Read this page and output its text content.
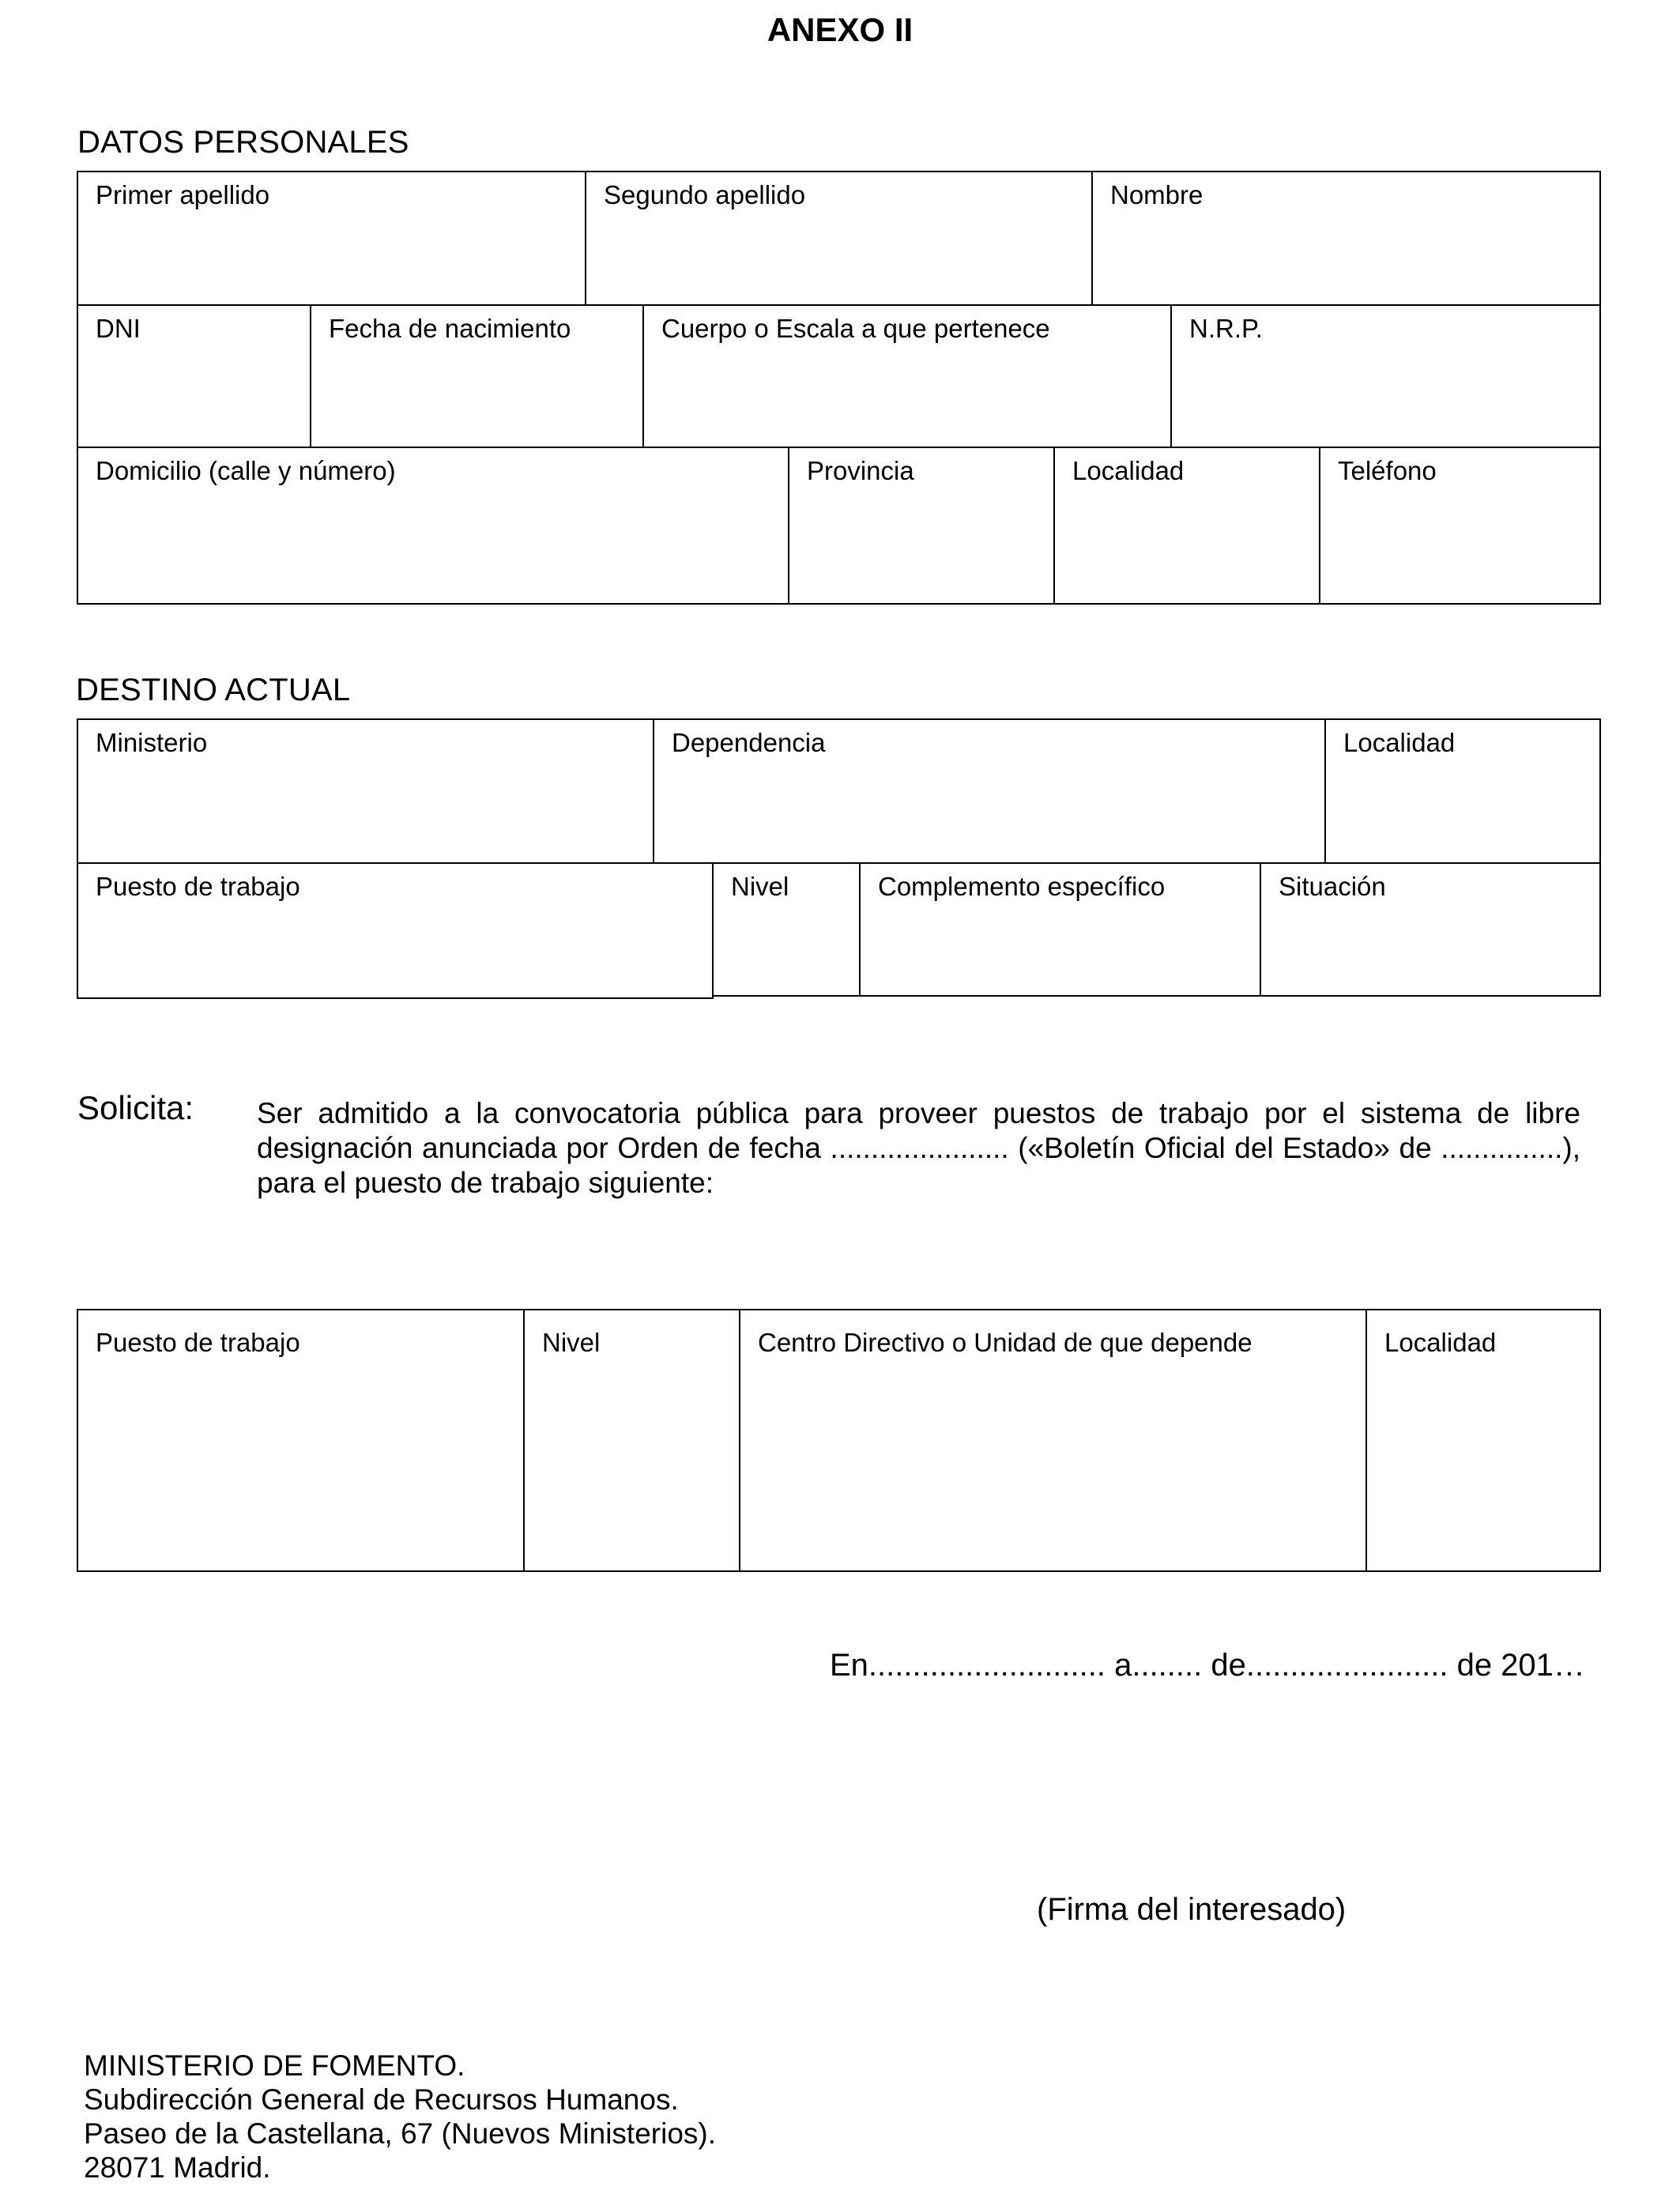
ANEXO II
DATOS PERSONALES
Primer apellido	Segundo apellido	Nombre
DNI	Fecha de nacimiento	Cuerpo o Escala a que pertenece	N.R.P.
Domicilio (calle y número)	Provincia	Localidad	Teléfono
DESTINO ACTUAL
Ministerio	Dependencia	Localidad
Puesto de trabajo	Nivel	Complemento específico	Situación
Solicita: Ser admitido a la convocatoria pública para proveer puestos de trabajo por el sistema de libre
designación anunciada por Orden de fecha ...................... («Boletín Oficial del Estado» de ...............),
para el puesto de trabajo siguiente:
Puesto de trabajo	Nivel	Centro Directivo o Unidad de que depende	Localidad
En........................... a........ de....................... de 201…
(Firma del interesado)
MINISTERIO DE FOMENTO.
Subdirección General de Recursos Humanos.
Paseo de la Castellana, 67 (Nuevos Ministerios).
28071 Madrid.
